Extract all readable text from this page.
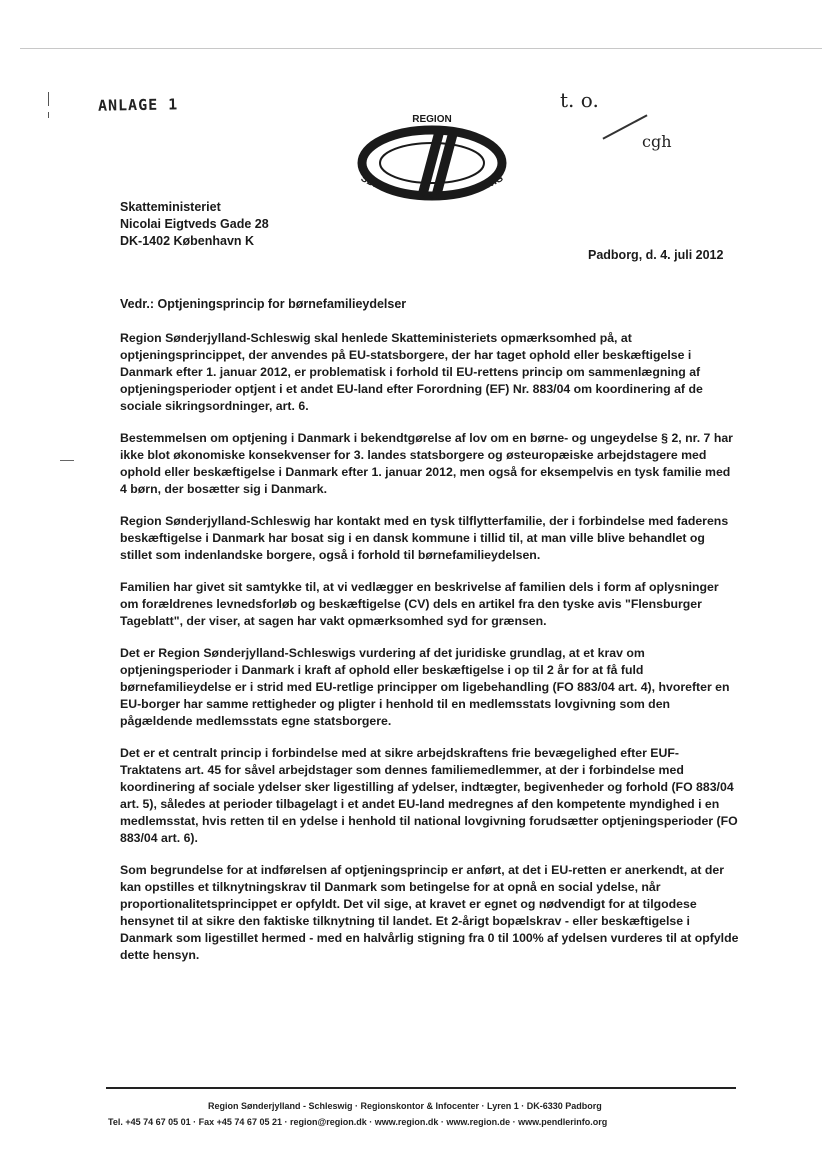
ANLAGE 1	t. o.
cgh
REGION
SØNDERJYLLAND · SCHLESWIG
Skatteministeriet
Nicolai Eigtveds Gade 28
DK-1402 København K
Padborg, d. 4. juli 2012
Vedr.: Optjeningsprincip for børnefamilieydelser

Region Sønderjylland-Schleswig skal henlede Skatteministeriets opmærksomhed på, at optjeningsprincippet, der anvendes på EU-statsborgere, der har taget ophold eller beskæftigelse i Danmark efter 1. januar 2012, er problematisk i forhold til EU-rettens princip om sammenlægning af optjeningsperioder optjent i et andet EU-land efter Forordning (EF) Nr. 883/04 om koordinering af de sociale sikringsordninger, art. 6.

Bestemmelsen om optjening i Danmark i bekendtgørelse af lov om en børne- og ungeydelse § 2, nr. 7 har ikke blot økonomiske konsekvenser for 3. landes statsborgere og østeuropæiske arbejdstagere med ophold eller beskæftigelse i Danmark efter 1. januar 2012, men også for eksempelvis en tysk familie med 4 børn, der bosætter sig i Danmark.

Region Sønderjylland-Schleswig har kontakt med en tysk tilflytterfamilie, der i forbindelse med faderens beskæftigelse i Danmark har bosat sig i en dansk kommune i tillid til, at man ville blive behandlet og stillet som indenlandske borgere, også i forhold til børnefamilieydelsen.

Familien har givet sit samtykke til, at vi vedlægger en beskrivelse af familien dels i form af oplysninger om forældrenes levnedsforløb og beskæftigelse (CV) dels en artikel fra den tyske avis "Flensburger Tageblatt", der viser, at sagen har vakt opmærksomhed syd for grænsen.

Det er Region Sønderjylland-Schleswigs vurdering af det juridiske grundlag, at et krav om optjeningsperioder i Danmark i kraft af ophold eller beskæftigelse i op til 2 år for at få fuld børnefamilieydelse er i strid med EU-retlige principper om ligebehandling (FO 883/04 art. 4), hvorefter en EU-borger har samme rettigheder og pligter i henhold til en medlemsstats lovgivning som den pågældende medlemsstats egne statsborgere.

Det er et centralt princip i forbindelse med at sikre arbejdskraftens frie bevægelighed efter EUF-Traktatens art. 45 for såvel arbejdstager som dennes familiemedlemmer, at der i forbindelse med koordinering af sociale ydelser sker ligestilling af ydelser, indtægter, begivenheder og forhold (FO 883/04 art. 5), således at perioder tilbagelagt i et andet EU-land medregnes af den kompetente myndighed i en medlemsstat, hvis retten til en ydelse i henhold til national lovgivning forudsætter optjeningsperioder (FO 883/04 art. 6).

Som begrundelse for at indførelsen af optjeningsprincip er anført, at det i EU-retten er anerkendt, at der kan opstilles et tilknytningskrav til Danmark som betingelse for at opnå en social ydelse, når proportionalitetsprincippet er opfyldt. Det vil sige, at kravet er egnet og nødvendigt for at tilgodese hensynet til at sikre den faktiske tilknytning til landet. Et 2-årigt bopælskrav - eller beskæftigelse i Danmark som ligestillet hermed - med en halvårlig stigning fra 0 til 100% af ydelsen vurderes til at opfylde dette hensyn.

Region Sønderjylland - Schleswig · Regionskontor & Infocenter · Lyren 1 · DK-6330 Padborg
Tel. +45 74 67 05 01 · Fax +45 74 67 05 21 · region@region.dk · www.region.dk · www.region.de · www.pendlerinfo.org
